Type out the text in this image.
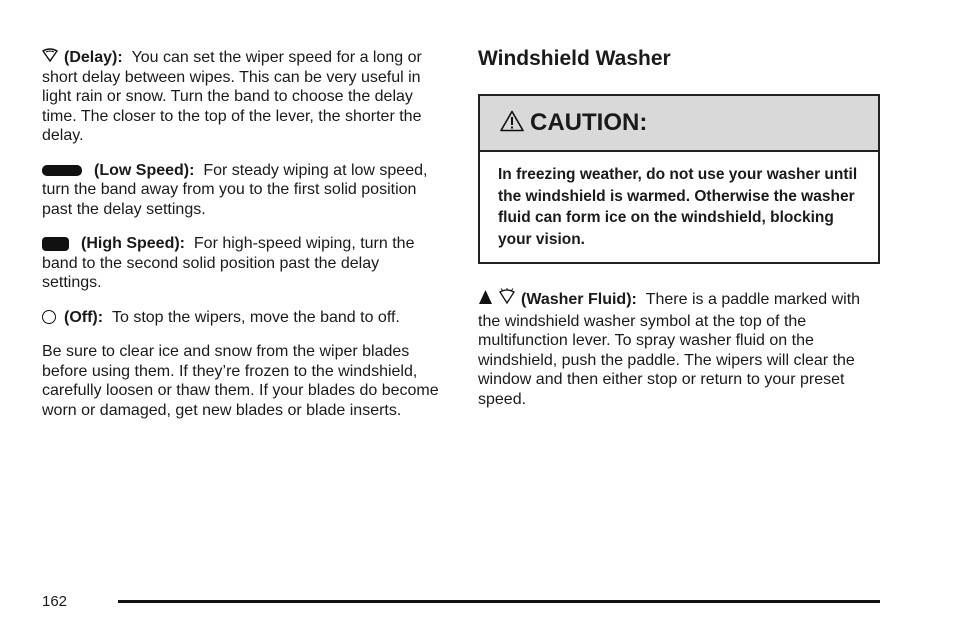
(Delay): You can set the wiper speed for a long or short delay between wipes. This can be very useful in light rain or snow. Turn the band to choose the delay time. The closer to the top of the lever, the shorter the delay.

(Low Speed): For steady wiping at low speed, turn the band away from you to the first solid position past the delay settings.

(High Speed): For high-speed wiping, turn the band to the second solid position past the delay settings.

(Off): To stop the wipers, move the band to off.

Be sure to clear ice and snow from the wiper blades before using them. If they’re frozen to the windshield, carefully loosen or thaw them. If your blades do become worn or damaged, get new blades or blade inserts.

Windshield Washer
CAUTION:
In freezing weather, do not use your washer until the windshield is warmed. Otherwise the washer fluid can form ice on the windshield, blocking your vision.

(Washer Fluid): There is a paddle marked with the windshield washer symbol at the top of the multifunction lever. To spray washer fluid on the windshield, push the paddle. The wipers will clear the window and then either stop or return to your preset speed.

162
